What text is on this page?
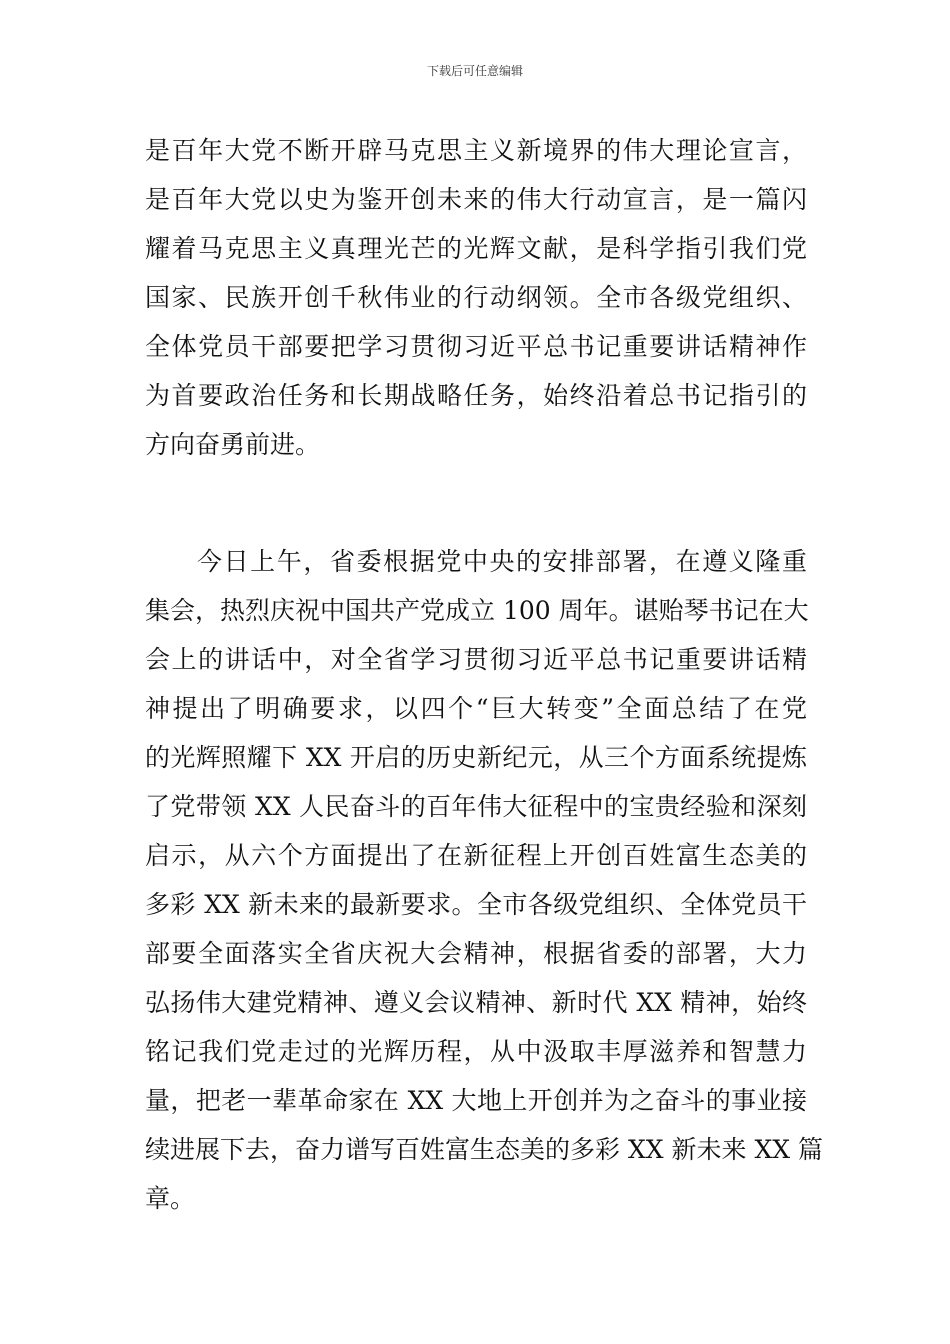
下载后可任意编辑
是百年大党不断开辟马克思主义新境界的伟大理论宣言，
是百年大党以史为鉴开创未来的伟大行动宣言，是一篇闪
耀着马克思主义真理光芒的光辉文献，是科学指引我们党
国家、民族开创千秋伟业的行动纲领。全市各级党组织、
全体党员干部要把学习贯彻习近平总书记重要讲话精神作
为首要政治任务和长期战略任务，始终沿着总书记指引的
方向奋勇前进。
今日上午，省委根据党中央的安排部署，在遵义隆重
集会，热烈庆祝中国共产党成立 100 周年。谌贻琴书记在大
会上的讲话中，对全省学习贯彻习近平总书记重要讲话精
神提出了明确要求，以四个“巨大转变”全面总结了在党
的光辉照耀下 XX 开启的历史新纪元，从三个方面系统提炼
了党带领 XX 人民奋斗的百年伟大征程中的宝贵经验和深刻
启示，从六个方面提出了在新征程上开创百姓富生态美的
多彩 XX 新未来的最新要求。全市各级党组织、全体党员干
部要全面落实全省庆祝大会精神，根据省委的部署，大力
弘扬伟大建党精神、遵义会议精神、新时代 XX 精神，始终
铭记我们党走过的光辉历程，从中汲取丰厚滋养和智慧力
量，把老一辈革命家在 XX 大地上开创并为之奋斗的事业接
续进展下去，奋力谱写百姓富生态美的多彩 XX 新未来 XX 篇
章。
